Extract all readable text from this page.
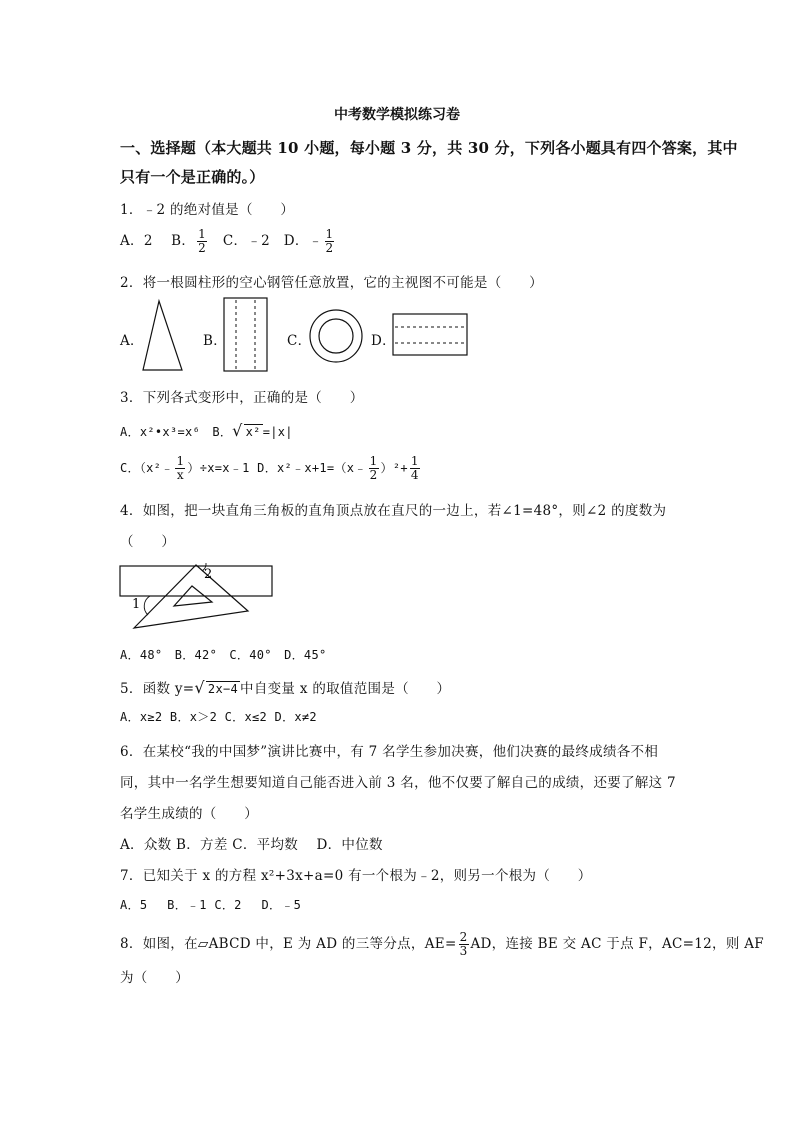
中考数学模拟练习卷
一、选择题（本大题共 10 小题，每小题 3 分，共 30 分，下列各小题具有四个答案，其中
只有一个是正确的。）
1．﹣2 的绝对值是（　　）
A．2　 B． $\frac{1}{2}$ 　C．﹣2　D．﹣ $\frac{1}{2}$
2．将一根圆柱形的空心钢管任意放置，它的主视图不可能是（　　）
A．	B．	C．	D．
3．下列各式变形中，正确的是（　　）
A．x²•x³=x⁶　B．√ x² =|x|
C．（x²﹣ $\frac{1}{x}$ ）÷x=x﹣1 D．x²﹣x+1=（x﹣ $\frac{1}{2} )^2+ \frac{1}{4}$
4．如图，把一块直角三角板的直角顶点放在直尺的一边上，若∠1=48°，则∠2 的度数为
（　　）
1
2
A．48°　B．42°　C．40°　D．45°
5．函数 y=√ 2x−4 中自变量 x 的取值范围是（　　）
A．x≥2 B．x＞2 C．x≤2 D．x≠2
6．在某校“我的中国梦”演讲比赛中，有 7 名学生参加决赛，他们决赛的最终成绩各不相
同，其中一名学生想要知道自己能否进入前 3 名，他不仅要了解自己的成绩，还要了解这 7
名学生成绩的（　　）
A．众数 B．方差 C．平均数　 D．中位数
7．已知关于 x 的方程 x²+3x+a=0 有一个根为﹣2，则另一个根为（　　）
A．5　 B．﹣1 C．2　 D．﹣5
8．如图，在▱ABCD 中，E 为 AD 的三等分点，$AE= \frac{2}{3}$ AD，连接 BE 交 AC 于点 F，AC=12，则 AF
为（　　）
